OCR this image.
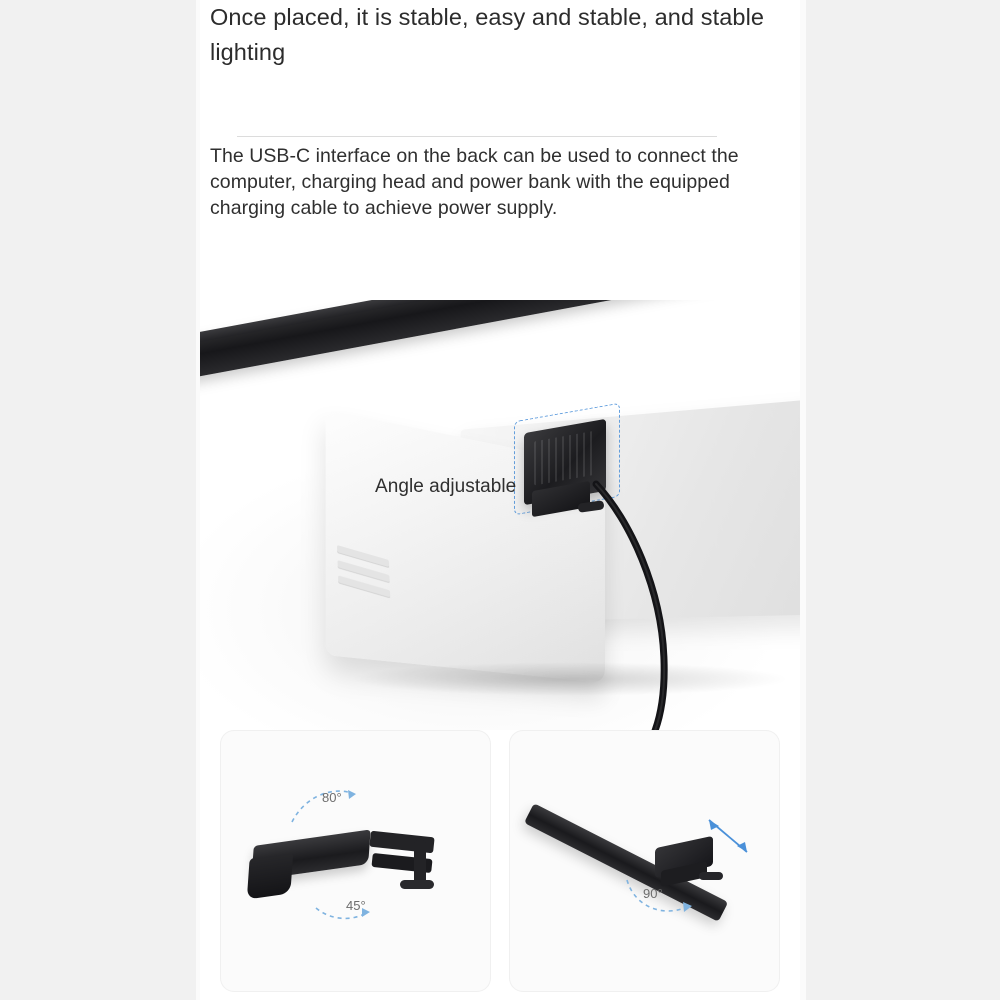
Once placed, it is stable, easy and stable, and stable lighting
The USB-C interface on the back can be used to connect the computer, charging head and power bank with the equipped charging cable to achieve power supply.
Angle adjustable
80°
45°
90°
